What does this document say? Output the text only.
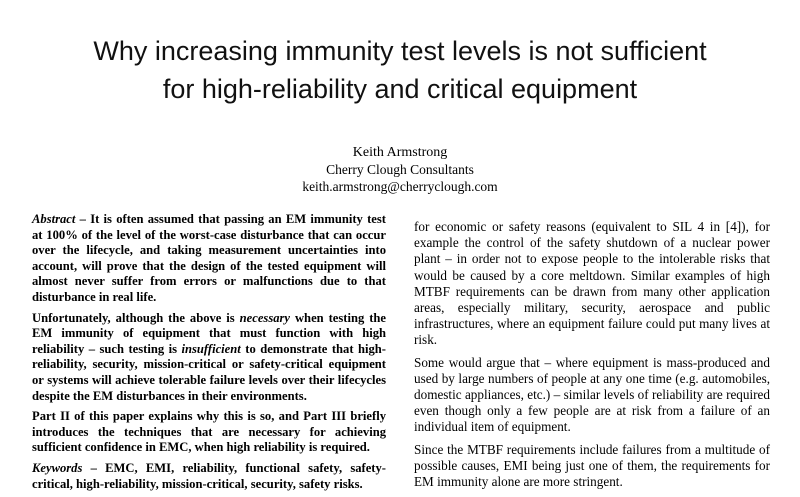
Why increasing immunity test levels is not sufficient
for high-reliability and critical equipment
Keith Armstrong
Cherry Clough Consultants
keith.armstrong@cherryclough.com

Abstract – It is often assumed that passing an EM immunity test at 100% of the level of the worst-case disturbance that can occur over the lifecycle, and taking measurement uncertainties into account, will prove that the design of the tested equipment will almost never suffer from errors or malfunctions due to that disturbance in real life.

Unfortunately, although the above is necessary when testing the EM immunity of equipment that must function with high reliability – such testing is insufficient to demonstrate that high-reliability, security, mission-critical or safety-critical equipment or systems will achieve tolerable failure levels over their lifecycles despite the EM disturbances in their environments.

Part II of this paper explains why this is so, and Part III briefly introduces the techniques that are necessary for achieving sufficient confidence in EMC, when high reliability is required.

Keywords – EMC, EMI, reliability, functional safety, safety-critical, high-reliability, mission-critical, security, safety risks.

for economic or safety reasons (equivalent to SIL 4 in [4]), for example the control of the safety shutdown of a nuclear power plant – in order not to expose people to the intolerable risks that would be caused by a core meltdown. Similar examples of high MTBF requirements can be drawn from many other application areas, especially military, security, aerospace and public infrastructures, where an equipment failure could put many lives at risk.

Some would argue that – where equipment is mass-produced and used by large numbers of people at any one time (e.g. automobiles, domestic appliances, etc.) – similar levels of reliability are required even though only a few people are at risk from a failure of an individual item of equipment.

Since the MTBF requirements include failures from a multitude of possible causes, EMI being just one of them, the requirements for EM immunity alone are more stringent.
